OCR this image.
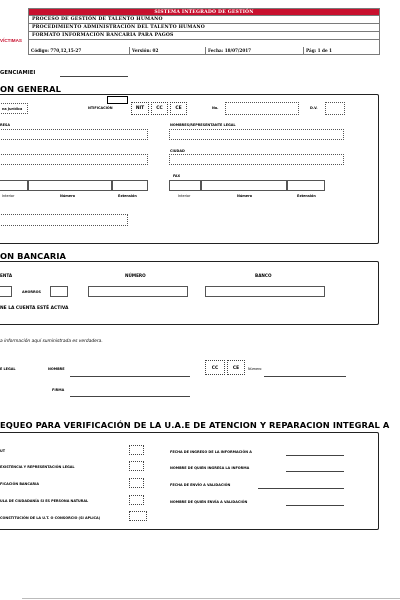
VÍCTIMAS
SISTEMA INTEGRADO DE GESTIÓN
PROCESO DE GESTIÓN DE TALENTO HUMANO
PROCEDIMIENTO ADMINISTRACIÓN DEL TALENTO HUMANO
FORMATO INFORMACIÓN BANCARIA PARA PAGOS
Código: 770,12,15-27	Versión: 02	Fecha: 18/07/2017	Pág: 1 de 1
GENCIAMIEI
ON GENERAL
na Jurídica	NTIFICACIÓN	NIT	CC	CE	No.	D.V.
RESA	NOMBRES/REPRESENTANTE LEGAL
CIUDAD
Interior	Número	Extensión
FAX
Interior	Número	Extensión
ON BANCARIA
ENTA	NÚMERO	BANCO
AHORROS
NE LA CUENTA ESTÉ ACTIVA
a información aquí suministrada es verdadera.
E LEGAL	NOMBRE	CC	CE	Número
FIRMA
EQUEO PARA VERIFICACIÓN DE LA U.A.E DE ATENCION Y REPARACION INTEGRAL A
UT
EXISTENCIA Y REPRESENTACIÓN LEGAL
FICACIÓN BANCARIA
ULA DE CIUDADANÍA SI ES PERSONA NATURAL
CONSTITUCIÓN DE LA U.T. O CONSORCIO (SI APLICA)
FECHA DE INGRESO DE LA INFORMACIÓN A
NOMBRE DE QUIEN INGRESA LA INFORMA
FECHA DE ENVÍO A VALIDACIÓN
NOMBRE DE QUIEN ENVÍA A VALIDACIÓN
